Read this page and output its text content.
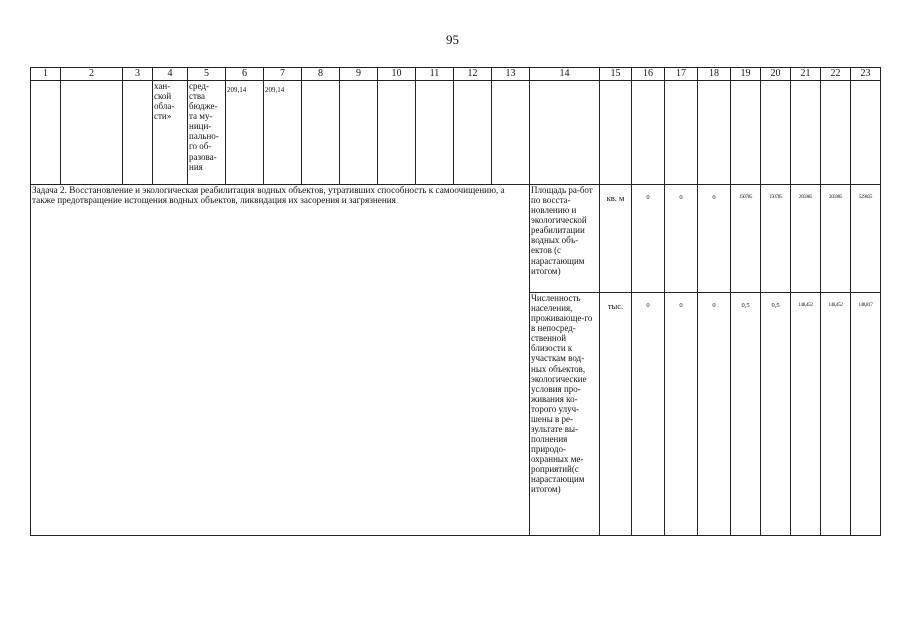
95
1	2	3	4	5	6	7	8	9	10	11	12	13	14	15	16	17	18	19	20	21	22	23
			хан-ской обла-сти»	сред-ства бюдже-та му-ници-пально-го об-разова-ния	209,14	209,14																
Задача 2. Восстановление и экологическая реабилитация водных объектов, утративших способность к самоочищению, а также предотвращение истощения водных объектов, ликвидация их засорения и загрязнения													Площадь ра-бот по восста-новлению и экологической реабилитации водных объ-ектов (с нарастающим итогом)	кв. м	0	0	0	150785	150785	205985	205985	529835
													Численность населения, проживающе-го в непосред-ственной близости к участкам вод-ных объектов, экологические условия про-живания ко-торого улуч-шены в ре-зультате вы-полнения природо-охранных ме-роприятий(с нарастающим итогом)	тыс.	0	0	0	0,5	0,5	148,452	148,452	148,817
